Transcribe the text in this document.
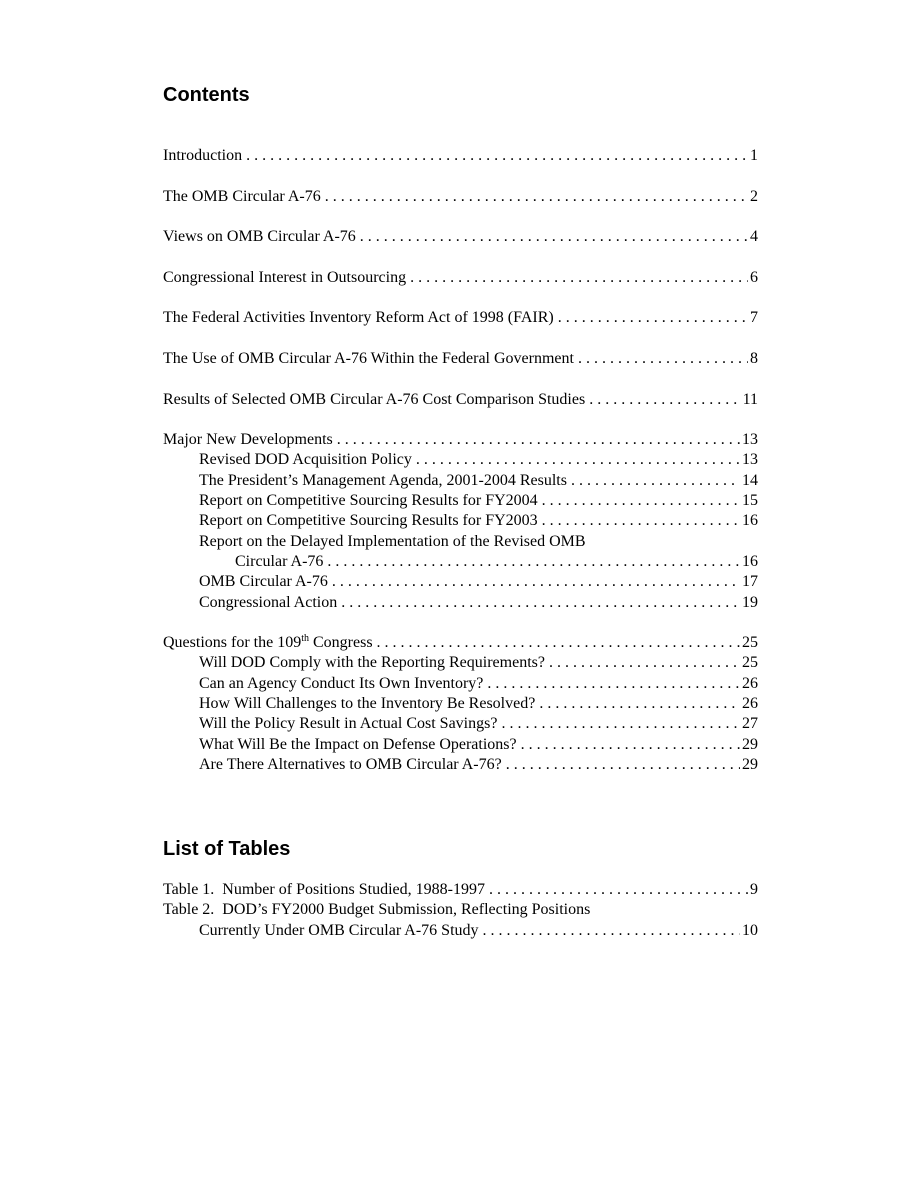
Contents
Introduction . . .	1
The OMB Circular A-76 . . .	2
Views on OMB Circular A-76 . . .	4
Congressional Interest in Outsourcing . . .	6
The Federal Activities Inventory Reform Act of 1998 (FAIR) . . .	7
The Use of OMB Circular A-76 Within the Federal Government . . .	8
Results of Selected OMB Circular A-76 Cost Comparison Studies . . .	11
Major New Developments . . .	13
Revised DOD Acquisition Policy . . .	13
The President’s Management Agenda, 2001-2004 Results . . .	14
Report on Competitive Sourcing Results for FY2004 . . .	15
Report on Competitive Sourcing Results for FY2003 . . .	16
Report on the Delayed Implementation of the Revised OMB
Circular A-76 . . .	16
OMB Circular A-76 . . .	17
Congressional Action . . .	19
Questions for the 109th Congress . . .	25
Will DOD Comply with the Reporting Requirements? . . .	25
Can an Agency Conduct Its Own Inventory? . . .	26
How Will Challenges to the Inventory Be Resolved? . . .	26
Will the Policy Result in Actual Cost Savings? . . .	27
What Will Be the Impact on Defense Operations? . . .	29
Are There Alternatives to OMB Circular A-76? . . .	29
List of Tables
Table 1.  Number of Positions Studied, 1988-1997 . . .	9
Table 2.  DOD’s FY2000 Budget Submission, Reflecting Positions
Currently Under OMB Circular A-76 Study . . .	10
